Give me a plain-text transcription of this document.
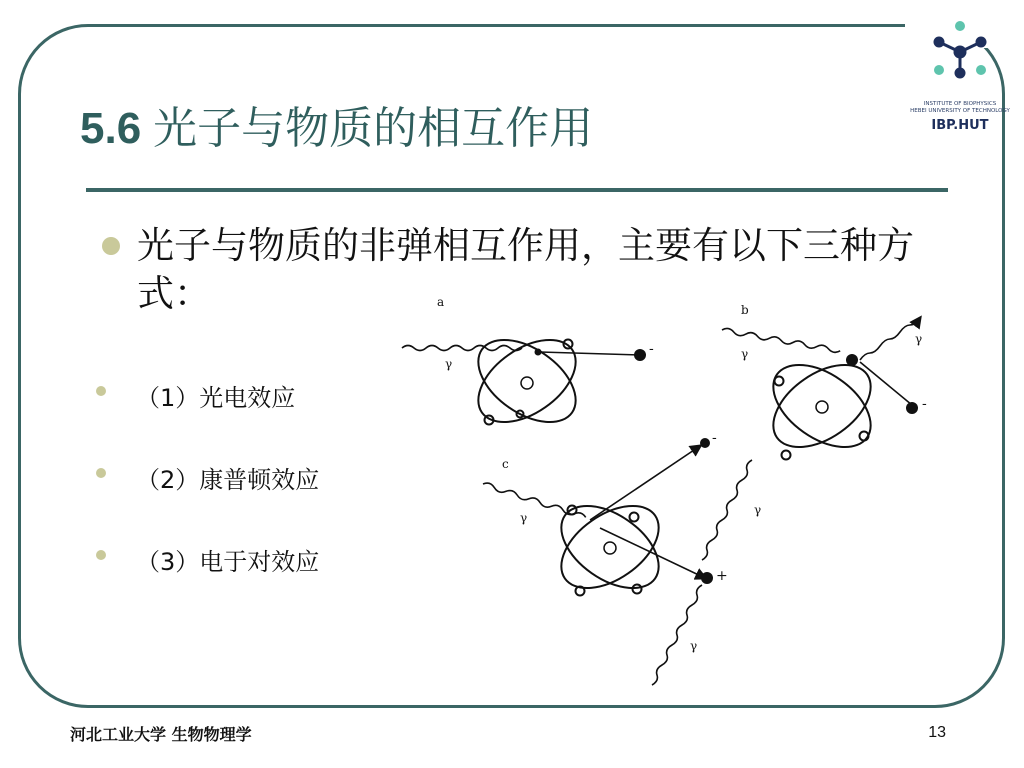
INSTITUTE OF BIOPHYSICS
HEBEI UNIVERSITY OF TECHNOLOGY
IBP.HUT
5.6 光子与物质的相互作用
光子与物质的非弹相互作用，主要有以下三种方式：
（1）光电效应
（2）康普顿效应
（3）电于对效应
a
b
c
γ
γ
γ
γ
γ
γ
-
-
-
+
河北工业大学 生物物理学	13
